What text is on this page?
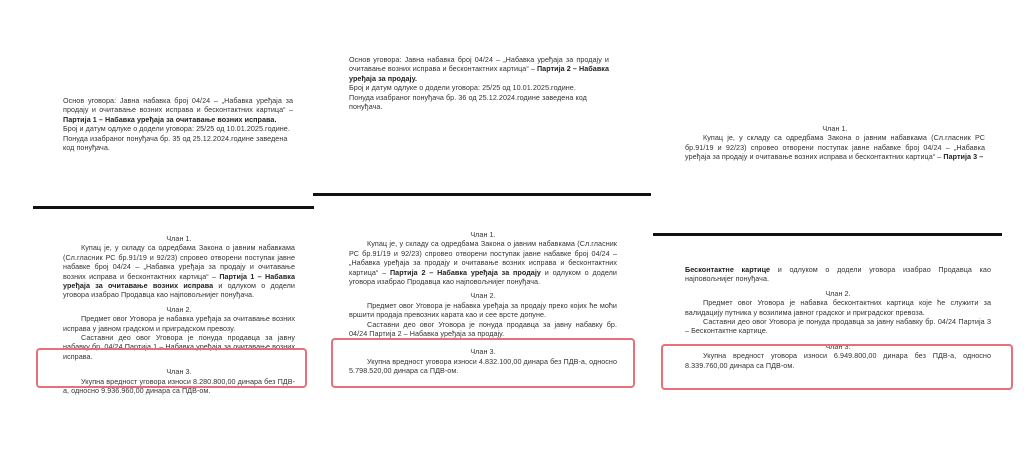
Основ уговора: Јавна набавка број 04/24 – „Набавка уређаја за продају и очитавање возних исправа и бесконтактних картица“ – Партија 1 – Набавка уређаја за очитавање возних исправа.

Број и датум одлуке о додели уговора: 25/25 од 10.01.2025.године.

Понуда изабраног понуђача бр. 35 од 25.12.2024.године заведена код понуђача.

Члан 1.

Купац је, у складу са одредбама Закона о јавним набавкама (Сл.гласник РС бр.91/19 и 92/23) спровео отворени поступак јавне набавке број 04/24 – „Набавка уређаја за продају и очитавање возних исправа и бесконтактних картица“ – Партија 1 – Набавка уређаја за очитавање возних исправа и одлуком о додели уговора изабрао Продавца као најповољнијег понуђача.

Члан 2.

Предмет овог Уговора је набавка уређаја за очитавање возних исправа у јавном градском и приградском превозу.

Саставни део овог Уговора је понуда продавца за јавну набавку бр. 04/24 Партија 1 – Набавка уређаја за очитавање возних исправа.

Члан 3.

Укупна вредност уговора износи 8.280.800,00 динара без ПДВ-а, односно 9.936.960,00 динара са ПДВ-ом.

Основ уговора: Јавна набавка број 04/24 – „Набавка уређаја за продају и очитавање возних исправа и бесконтактних картица“ – Партија 2 – Набавка уређаја за продају.

Број и датум одлуке о додели уговора: 25/25 од 10.01.2025.године.

Понуда изабраног понуђача бр. 36 од 25.12.2024.године заведена код понуђача.

Члан 1.

Купац је, у складу са одредбама Закона о јавним набавкама (Сл.гласник РС бр.91/19 и 92/23) спровео отворени поступак јавне набавке број 04/24 – „Набавка уређаја за продају и очитавање возних исправа и бесконтактних картица“ – Партија 2 – Набавка уређаја за продају и одлуком о додели уговора изабрао Продавца као најповољнијег понуђача.

Члан 2.

Предмет овог Уговора је набавка уређаја за продају преко којих ће моћи вршити продаја превозних карата као и сее врсте допуне.

Саставни део овог Уговора је понуда продавца за јавну набавку бр. 04/24 Партија 2 – Набавка уређаја за продају.

Члан 3.

Укупна вредност уговора износи 4.832.100,00 динара без ПДВ-а, односно 5.798.520,00 динара са ПДВ-ом.

Члан 1.

Купац је, у складу са одредбама Закона о јавним набавкама (Сл.гласник РС бр.91/19 и 92/23) спровео отворени поступак јавне набавке број 04/24 – „Набавка уређаја за продају и очитавање возних исправа и бесконтактних картица“ – Партија 3 –

Бесконтактне картице и одлуком о додели уговора изабрао Продавца као најповољнијег понуђача.

Члан 2.

Предмет овог Уговора је набавка бесконтактних картица које ће служити за валидацију путника у возилима јавног градског и приградског превоза.

Саставни део овог Уговора је понуда продавца за јавну набавку бр. 04/24 Партија 3 – Бесконтактне картице.

Члан 3.

Укупна вредност уговора износи 6.949.800,00 динара без ПДВ-а, односно 8.339.760,00 динара са ПДВ-ом.
